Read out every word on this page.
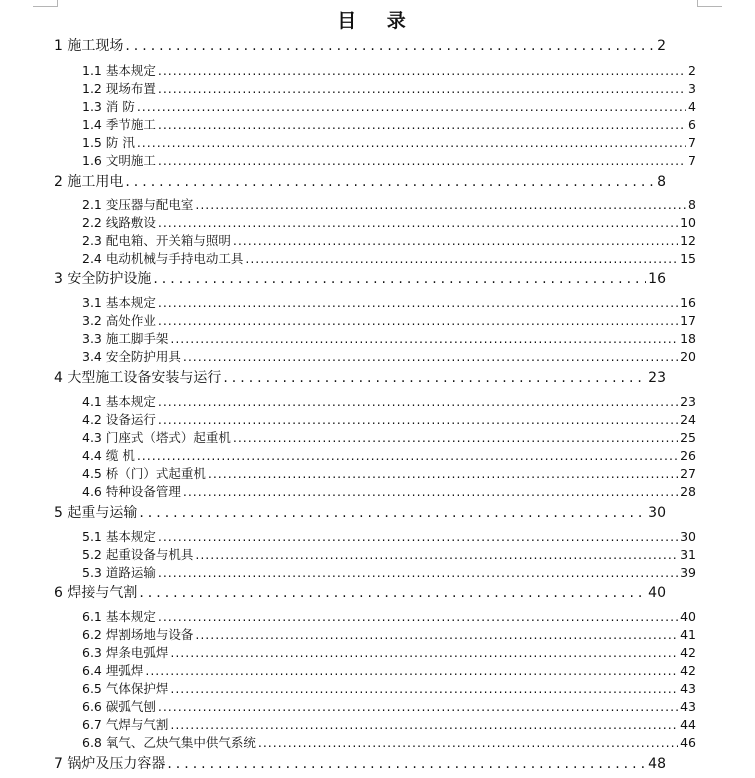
目 录
1 施工现场 .....	2
1.1 基本规定 .....	2
1.2 现场布置 .....	3
1.3 消 防 .....	4
1.4 季节施工 .....	6
1.5 防 汛 .....	7
1.6 文明施工 .....	7
2 施工用电 .....	8
2.1 变压器与配电室 .....	8
2.2 线路敷设 .....	10
2.3 配电箱、开关箱与照明 .....	12
2.4 电动机械与手持电动工具 .....	15
3 安全防护设施 .....	16
3.1 基本规定 .....	16
3.2 高处作业 .....	17
3.3 施工脚手架 .....	18
3.4 安全防护用具 .....	20
4 大型施工设备安装与运行 .....	23
4.1 基本规定 .....	23
4.2 设备运行 .....	24
4.3 门座式（塔式）起重机 .....	25
4.4 缆 机 .....	26
4.5 桥（门）式起重机 .....	27
4.6 特种设备管理 .....	28
5 起重与运输 .....	30
5.1 基本规定 .....	30
5.2 起重设备与机具 .....	31
5.3 道路运输 .....	39
6 焊接与气割 .....	40
6.1 基本规定 .....	40
6.2 焊割场地与设备 .....	41
6.3 焊条电弧焊 .....	42
6.4 埋弧焊 .....	42
6.5 气体保护焊 .....	43
6.6 碳弧气刨 .....	43
6.7 气焊与气割 .....	44
6.8 氧气、乙炔气集中供气系统 .....	46
7 锅炉及压力容器 .....	48
